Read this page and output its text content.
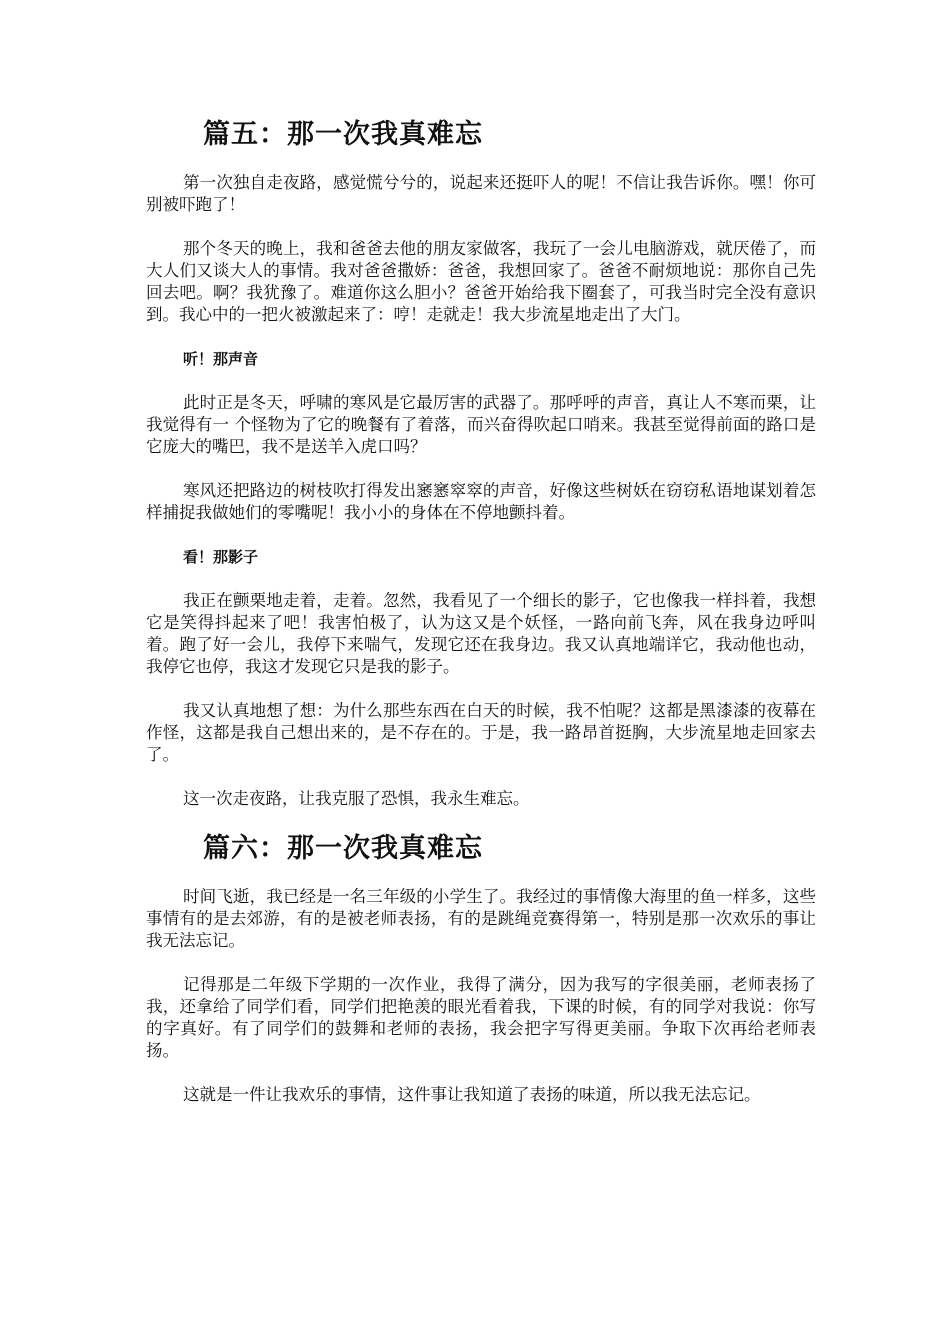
篇五：那一次我真难忘

第一次独自走夜路，感觉慌兮兮的，说起来还挺吓人的呢！不信让我告诉你。嘿！你可别被吓跑了！

那个冬天的晚上，我和爸爸去他的朋友家做客，我玩了一会儿电脑游戏，就厌倦了，而大人们又谈大人的事情。我对爸爸撒娇：爸爸，我想回家了。爸爸不耐烦地说：那你自己先回去吧。啊？我犹豫了。难道你这么胆小？爸爸开始给我下圈套了，可我当时完全没有意识到。我心中的一把火被激起来了：哼！走就走！我大步流星地走出了大门。

听！那声音

此时正是冬天，呼啸的寒风是它最厉害的武器了。那呼呼的声音，真让人不寒而栗，让我觉得有一 个怪物为了它的晚餐有了着落，而兴奋得吹起口哨来。我甚至觉得前面的路口是它庞大的嘴巴，我不是送羊入虎口吗？

寒风还把路边的树枝吹打得发出窸窸窣窣的声音，好像这些树妖在窃窃私语地谋划着怎样捕捉我做她们的零嘴呢！我小小的身体在不停地颤抖着。

看！那影子

我正在颤栗地走着，走着。忽然，我看见了一个细长的影子，它也像我一样抖着，我想它是笑得抖起来了吧！我害怕极了，认为这又是个妖怪，一路向前飞奔，风在我身边呼叫着。跑了好一会儿，我停下来喘气，发现它还在我身边。我又认真地端详它，我动他也动，我停它也停，我这才发现它只是我的影子。

我又认真地想了想：为什么那些东西在白天的时候，我不怕呢？这都是黑漆漆的夜幕在作怪，这都是我自己想出来的，是不存在的。于是，我一路昂首挺胸，大步流星地走回家去了。

这一次走夜路，让我克服了恐惧，我永生难忘。

篇六：那一次我真难忘

时间飞逝，我已经是一名三年级的小学生了。我经过的事情像大海里的鱼一样多，这些事情有的是去郊游，有的是被老师表扬，有的是跳绳竞赛得第一，特别是那一次欢乐的事让我无法忘记。

记得那是二年级下学期的一次作业，我得了满分，因为我写的字很美丽，老师表扬了我，还拿给了同学们看，同学们把艳羡的眼光看着我，下课的时候，有的同学对我说：你写的字真好。有了同学们的鼓舞和老师的表扬，我会把字写得更美丽。争取下次再给老师表扬。

这就是一件让我欢乐的事情，这件事让我知道了表扬的味道，所以我无法忘记。
